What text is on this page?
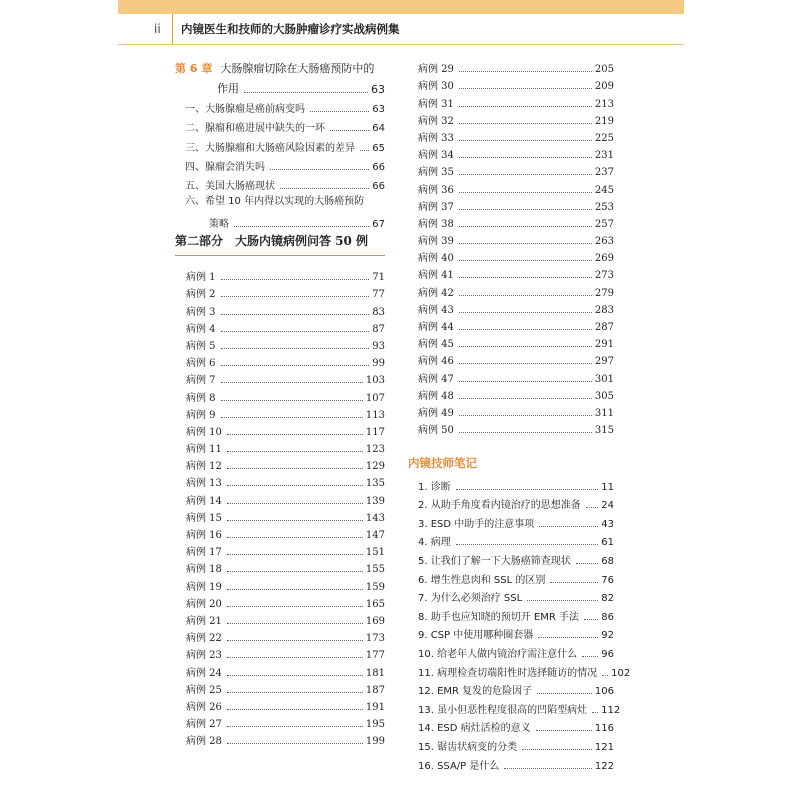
ii	内镜医生和技师的大肠肿瘤诊疗实战病例集
第 6 章 大肠腺瘤切除在大肠癌预防中的
作用	63
一、大肠腺瘤是癌前病变吗	63
二、腺瘤和癌进展中缺失的一环	64
三、大肠腺瘤和大肠癌风险因素的差异 65
四、腺瘤会消失吗	66
五、美国大肠癌现状	66
六、希望 10 年内得以实现的大肠癌预防
策略	67
第二部分　大肠内镜病例问答 50 例
病例 1	71
病例 2	77
病例 3	83
病例 4	87
病例 5	93
病例 6	99
病例 7	103
病例 8	107
病例 9	113
病例 10	117
病例 11	123
病例 12	129
病例 13	135
病例 14	139
病例 15	143
病例 16	147
病例 17	151
病例 18	155
病例 19	159
病例 20	165
病例 21	169
病例 22	173
病例 23	177
病例 24	181
病例 25	187
病例 26	191
病例 27	195
病例 28	199
病例 29	205
病例 30	209
病例 31	213
病例 32	219
病例 33	225
病例 34	231
病例 35	237
病例 36	245
病例 37	253
病例 38	257
病例 39	263
病例 40	269
病例 41	273
病例 42	279
病例 43	283
病例 44	287
病例 45	291
病例 46	297
病例 47	301
病例 48	305
病例 49	311
病例 50	315
内镜技师笔记
1. 诊断	11
2. 从助手角度看内镜治疗的思想准备 24
3. ESD 中助手的注意事项	43
4. 病理	61
5. 让我们了解一下大肠癌筛查现状	68
6. 增生性息肉和 SSL 的区别	76
7. 为什么必须治疗 SSL	82
8. 助手也应知晓的预切开 EMR 手法 86
9. CSP 中使用哪种圈套器	92
10. 给老年人做内镜治疗需注意什么 96
11. 病理检查切端阳性时选择随访的情况 102
12. EMR 复发的危险因子	106
13. 虽小但恶性程度很高的凹陷型病灶 112
14. ESD 病灶活检的意义	116
15. 锯齿状病变的分类	121
16. SSA/P 是什么	122
